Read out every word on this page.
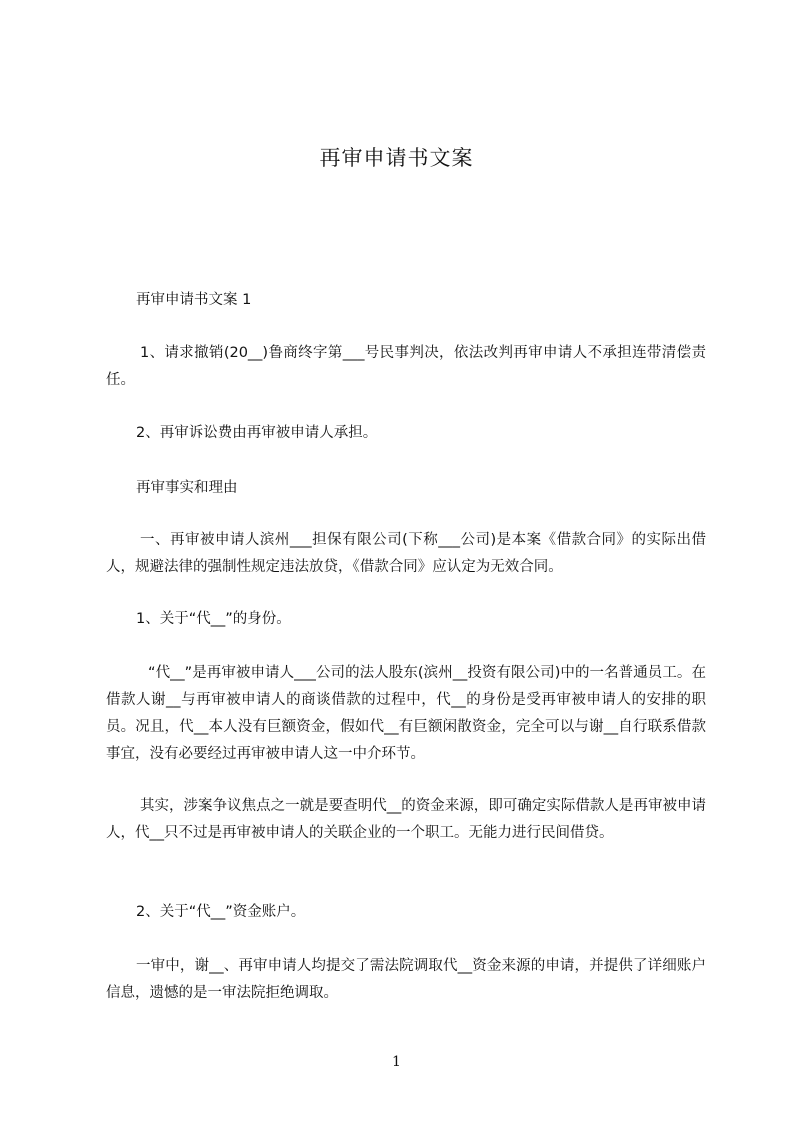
再审申请书文案
再审申请书文案 1
1、请求撤销(20__)鲁商终字第___号民事判决，依法改判再审申请人不承担连带清偿责任。
2、再审诉讼费由再审被申请人承担。
再审事实和理由
一、再审被申请人滨州___担保有限公司(下称___公司)是本案《借款合同》的实际出借人，规避法律的强制性规定违法放贷，《借款合同》应认定为无效合同。
1、关于“代__”的身份。
“代__”是再审被申请人___公司的法人股东(滨州__投资有限公司)中的一名普通员工。在借款人谢__与再审被申请人的商谈借款的过程中，代__的身份是受再审被申请人的安排的职员。况且，代__本人没有巨额资金，假如代__有巨额闲散资金，完全可以与谢__自行联系借款事宜，没有必要经过再审被申请人这一中介环节。
其实，涉案争议焦点之一就是要查明代__的资金来源，即可确定实际借款人是再审被申请人，代__只不过是再审被申请人的关联企业的一个职工。无能力进行民间借贷。
2、关于“代__”资金账户。
一审中，谢__、再审申请人均提交了需法院调取代__资金来源的申请，并提供了详细账户信息，遗憾的是一审法院拒绝调取。
1
